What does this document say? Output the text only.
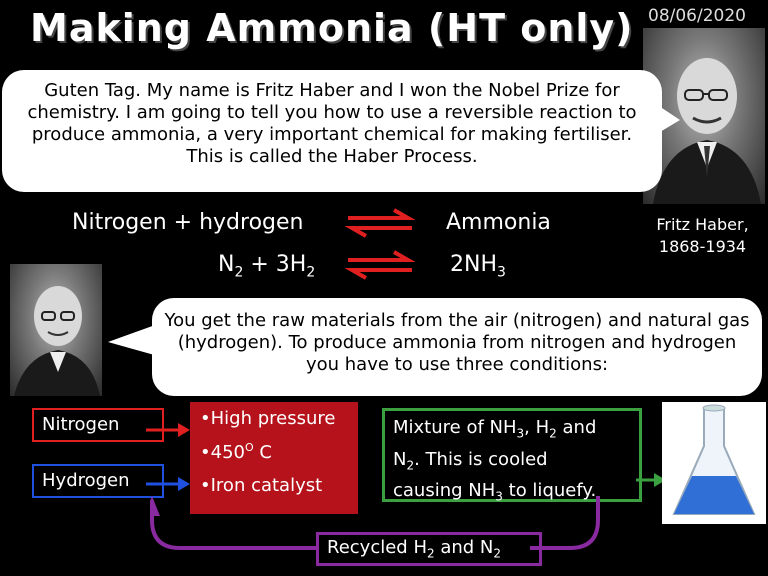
Making Ammonia (HT only) 08/06/2020
Guten Tag. My name is Fritz Haber and I won the Nobel Prize for chemistry. I am going to tell you how to use a reversible reaction to produce ammonia, a very important chemical for making fertiliser. This is called the Haber Process.
Fritz Haber,
1868-1934
Nitrogen + hydrogen	Ammonia
$N_2 + 3H_2$	$2NH_3$
You get the raw materials from the air (nitrogen) and natural gas (hydrogen). To produce ammonia from nitrogen and hydrogen you have to use three conditions:
Nitrogen
Hydrogen
•High pressure
$•450^O$ C
•Iron catalyst
Mixture of $NH_3$, $H_2$ and
$N_2$. This is cooled
causing $NH_3$ to liquefy.
Recycled $H_2$ and $N_2$
